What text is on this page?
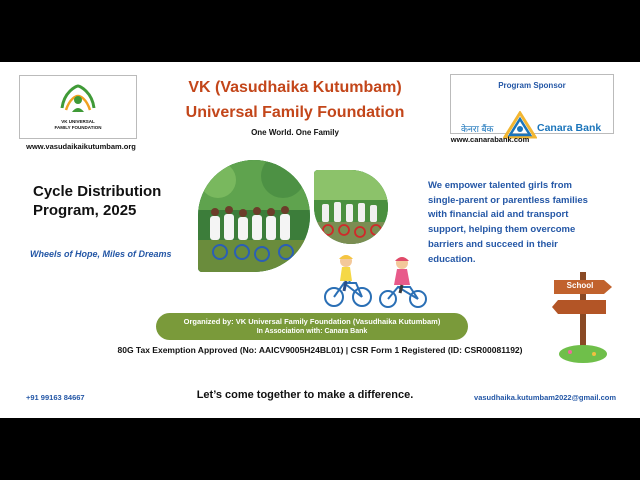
VK UNIVERSAL
FAMILY FOUNDATION
www.vasudaikaikutumbam.org
VK (Vasudhaika Kutumbam)
Universal Family Foundation
One World. One Family
Program Sponsor
केनरा बैंक	Canara Bank
www.canarabank.com
Cycle Distribution Program, 2025
Wheels of Hope, Miles of Dreams
We empower talented girls from single-parent or parentless families with financial aid and transport support, helping them overcome barriers and succeed in their education.
School
Organized by: VK Universal Family Foundation (Vasudhaika Kutumbam)
In Association with: Canara Bank
80G Tax Exemption Approved (No: AAICV9005H24BL01) | CSR Form 1 Registered (ID: CSR00081192)
+91 99163 84667	Let’s come together to make a difference.	vasudhaika.kutumbam2022@gmail.com
